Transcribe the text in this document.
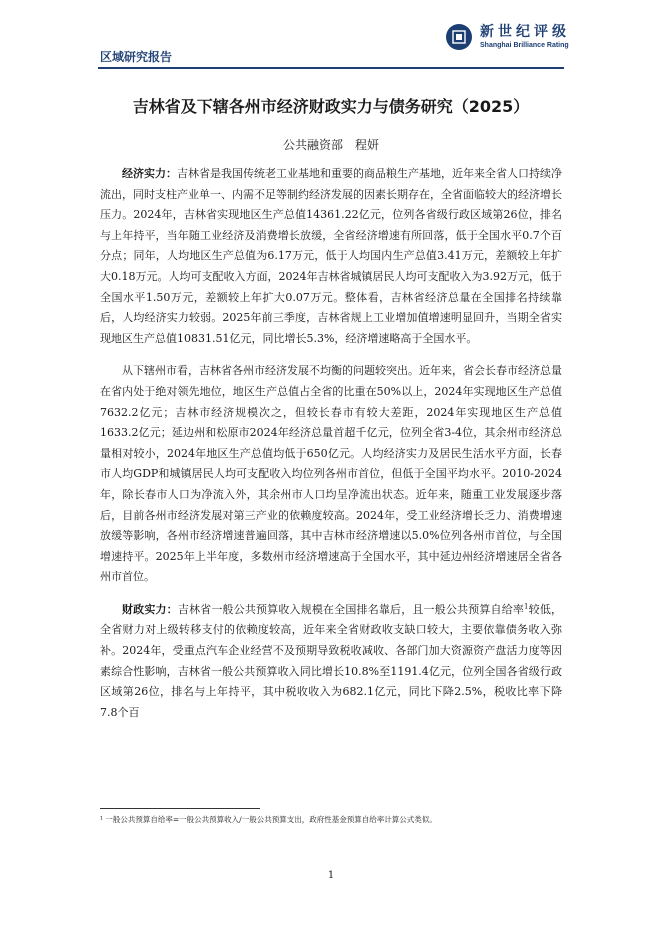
新世纪评级
Shanghai Brilliance Rating
区域研究报告
吉林省及下辖各州市经济财政实力与债务研究（2025）
公共融资部　程妍

经济实力：吉林省是我国传统老工业基地和重要的商品粮生产基地，近年来全省人口持续净流出，同时支柱产业单一、内需不足等制约经济发展的因素长期存在，全省面临较大的经济增长压力。2024年，吉林省实现地区生产总值14361.22亿元，位列各省级行政区域第26位，排名与上年持平，当年随工业经济及消费增长放缓，全省经济增速有所回落，低于全国水平0.7个百分点；同年，人均地区生产总值为6.17万元，低于人均国内生产总值3.41万元，差额较上年扩大0.18万元。人均可支配收入方面，2024年吉林省城镇居民人均可支配收入为3.92万元，低于全国水平1.50万元，差额较上年扩大0.07万元。整体看，吉林省经济总量在全国排名持续靠后，人均经济实力较弱。2025年前三季度，吉林省规上工业增加值增速明显回升，当期全省实现地区生产总值10831.51亿元，同比增长5.3%，经济增速略高于全国水平。

从下辖州市看，吉林省各州市经济发展不均衡的问题较突出。近年来，省会长春市经济总量在省内处于绝对领先地位，地区生产总值占全省的比重在50%以上，2024年实现地区生产总值7632.2亿元；吉林市经济规模次之，但较长春市有较大差距，2024年实现地区生产总值1633.2亿元；延边州和松原市2024年经济总量首超千亿元，位列全省3-4位，其余州市经济总量相对较小，2024年地区生产总值均低于650亿元。人均经济实力及居民生活水平方面，长春市人均GDP和城镇居民人均可支配收入均位列各州市首位，但低于全国平均水平。2010-2024年，除长春市人口为净流入外，其余州市人口均呈净流出状态。近年来，随重工业发展逐步落后，目前各州市经济发展对第三产业的依赖度较高。2024年，受工业经济增长乏力、消费增速放缓等影响，各州市经济增速普遍回落，其中吉林市经济增速以5.0%位列各州市首位，与全国增速持平。2025年上半年度，多数州市经济增速高于全国水平，其中延边州经济增速居全省各州市首位。

财政实力：吉林省一般公共预算收入规模在全国排名靠后，且一般公共预算自给率$^1$较低，全省财力对上级转移支付的依赖度较高，近年来全省财政收支缺口较大，主要依靠债务收入弥补。2024年，受重点汽车企业经营不及预期导致税收减收、各部门加大资源资产盘活力度等因素综合性影响，吉林省一般公共预算收入同比增长10.8%至1191.4亿元，位列全国各省级行政区域第26位，排名与上年持平，其中税收收入为682.1亿元，同比下降2.5%，税收比率下降7.8个百

¹ 一般公共预算自给率=一般公共预算收入/一般公共预算支出，政府性基金预算自给率计算公式类似。
1
